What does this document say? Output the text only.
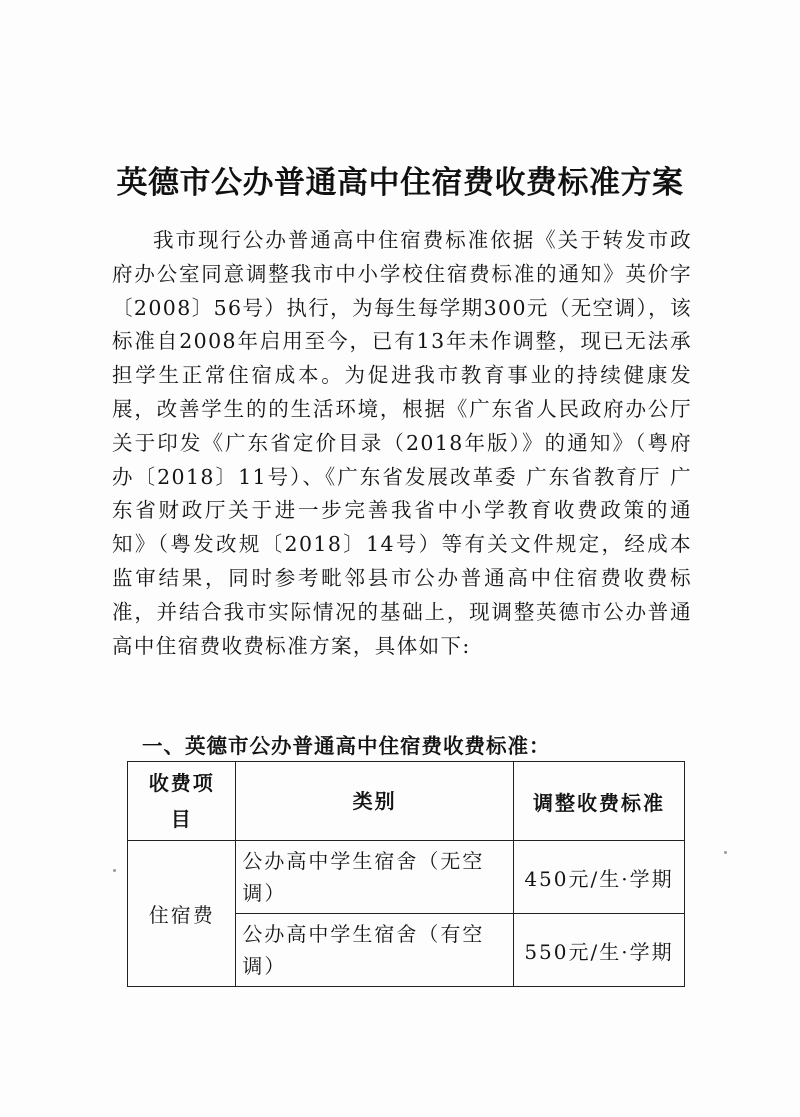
英德市公办普通高中住宿费收费标准方案

我市现行公办普通高中住宿费标准依据《关于转发市政府办公室同意调整我市中小学校住宿费标准的通知》英价字〔2008〕56号）执行，为每生每学期300元（无空调），该标准自2008年启用至今，已有13年未作调整，现已无法承担学生正常住宿成本。为促进我市教育事业的持续健康发展，改善学生的的生活环境，根据《广东省人民政府办公厅关于印发《广东省定价目录（2018年版）》的通知》（粤府办〔2018〕11号）、《广东省发展改革委 广东省教育厅 广东省财政厅关于进一步完善我省中小学教育收费政策的通知》（粤发改规〔2018〕14号）等有关文件规定，经成本监审结果，同时参考毗邻县市公办普通高中住宿费收费标准，并结合我市实际情况的基础上，现调整英德市公办普通高中住宿费收费标准方案，具体如下:

一、英德市公办普通高中住宿费收费标准：
收费项目	类别	调整收费标准
住宿费	公办高中学生宿舍（无空调）	450元/生·学期
	公办高中学生宿舍（有空调）	550元/生·学期
